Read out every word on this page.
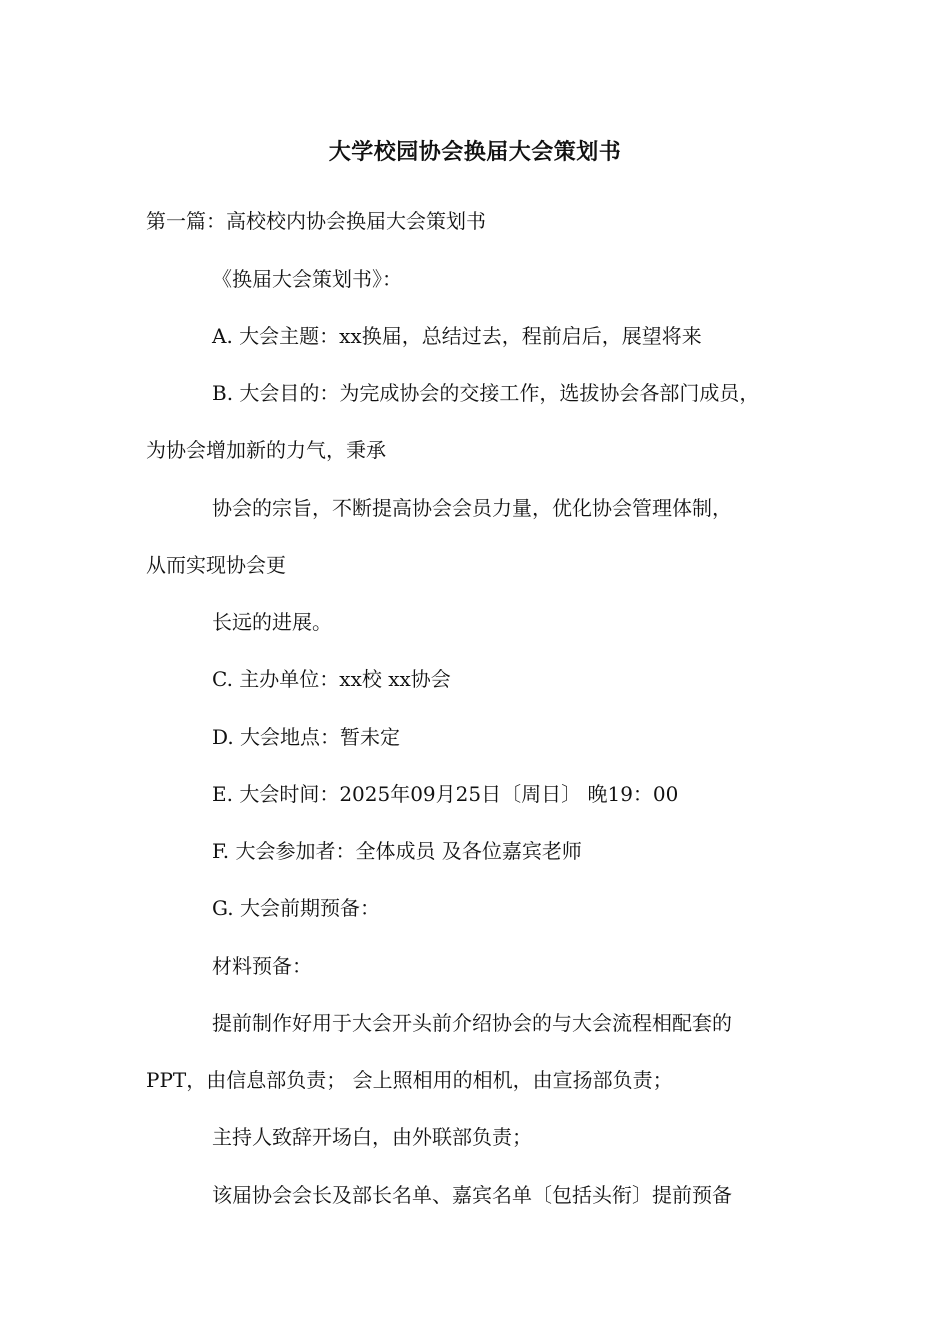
大学校园协会换届大会策划书

第一篇：高校校内协会换届大会策划书

《换届大会策划书》：

A. 大会主题：xx换届，总结过去，程前启后，展望将来

B. 大会目的：为完成协会的交接工作，选拔协会各部门成员，

为协会增加新的力气，秉承

协会的宗旨，不断提高协会会员力量，优化协会管理体制，

从而实现协会更

长远的进展。

C. 主办单位：xx校 xx协会

D. 大会地点：暂未定

E. 大会时间：2025年09月25日〔周日〕 晚19：00

F. 大会参加者：全体成员 及各位嘉宾老师

G. 大会前期预备：

材料预备：

提前制作好用于大会开头前介绍协会的与大会流程相配套的

PPT，由信息部负责； 会上照相用的相机，由宣扬部负责；

主持人致辞开场白，由外联部负责；

该届协会会长及部长名单、嘉宾名单〔包括头衔〕提前预备
